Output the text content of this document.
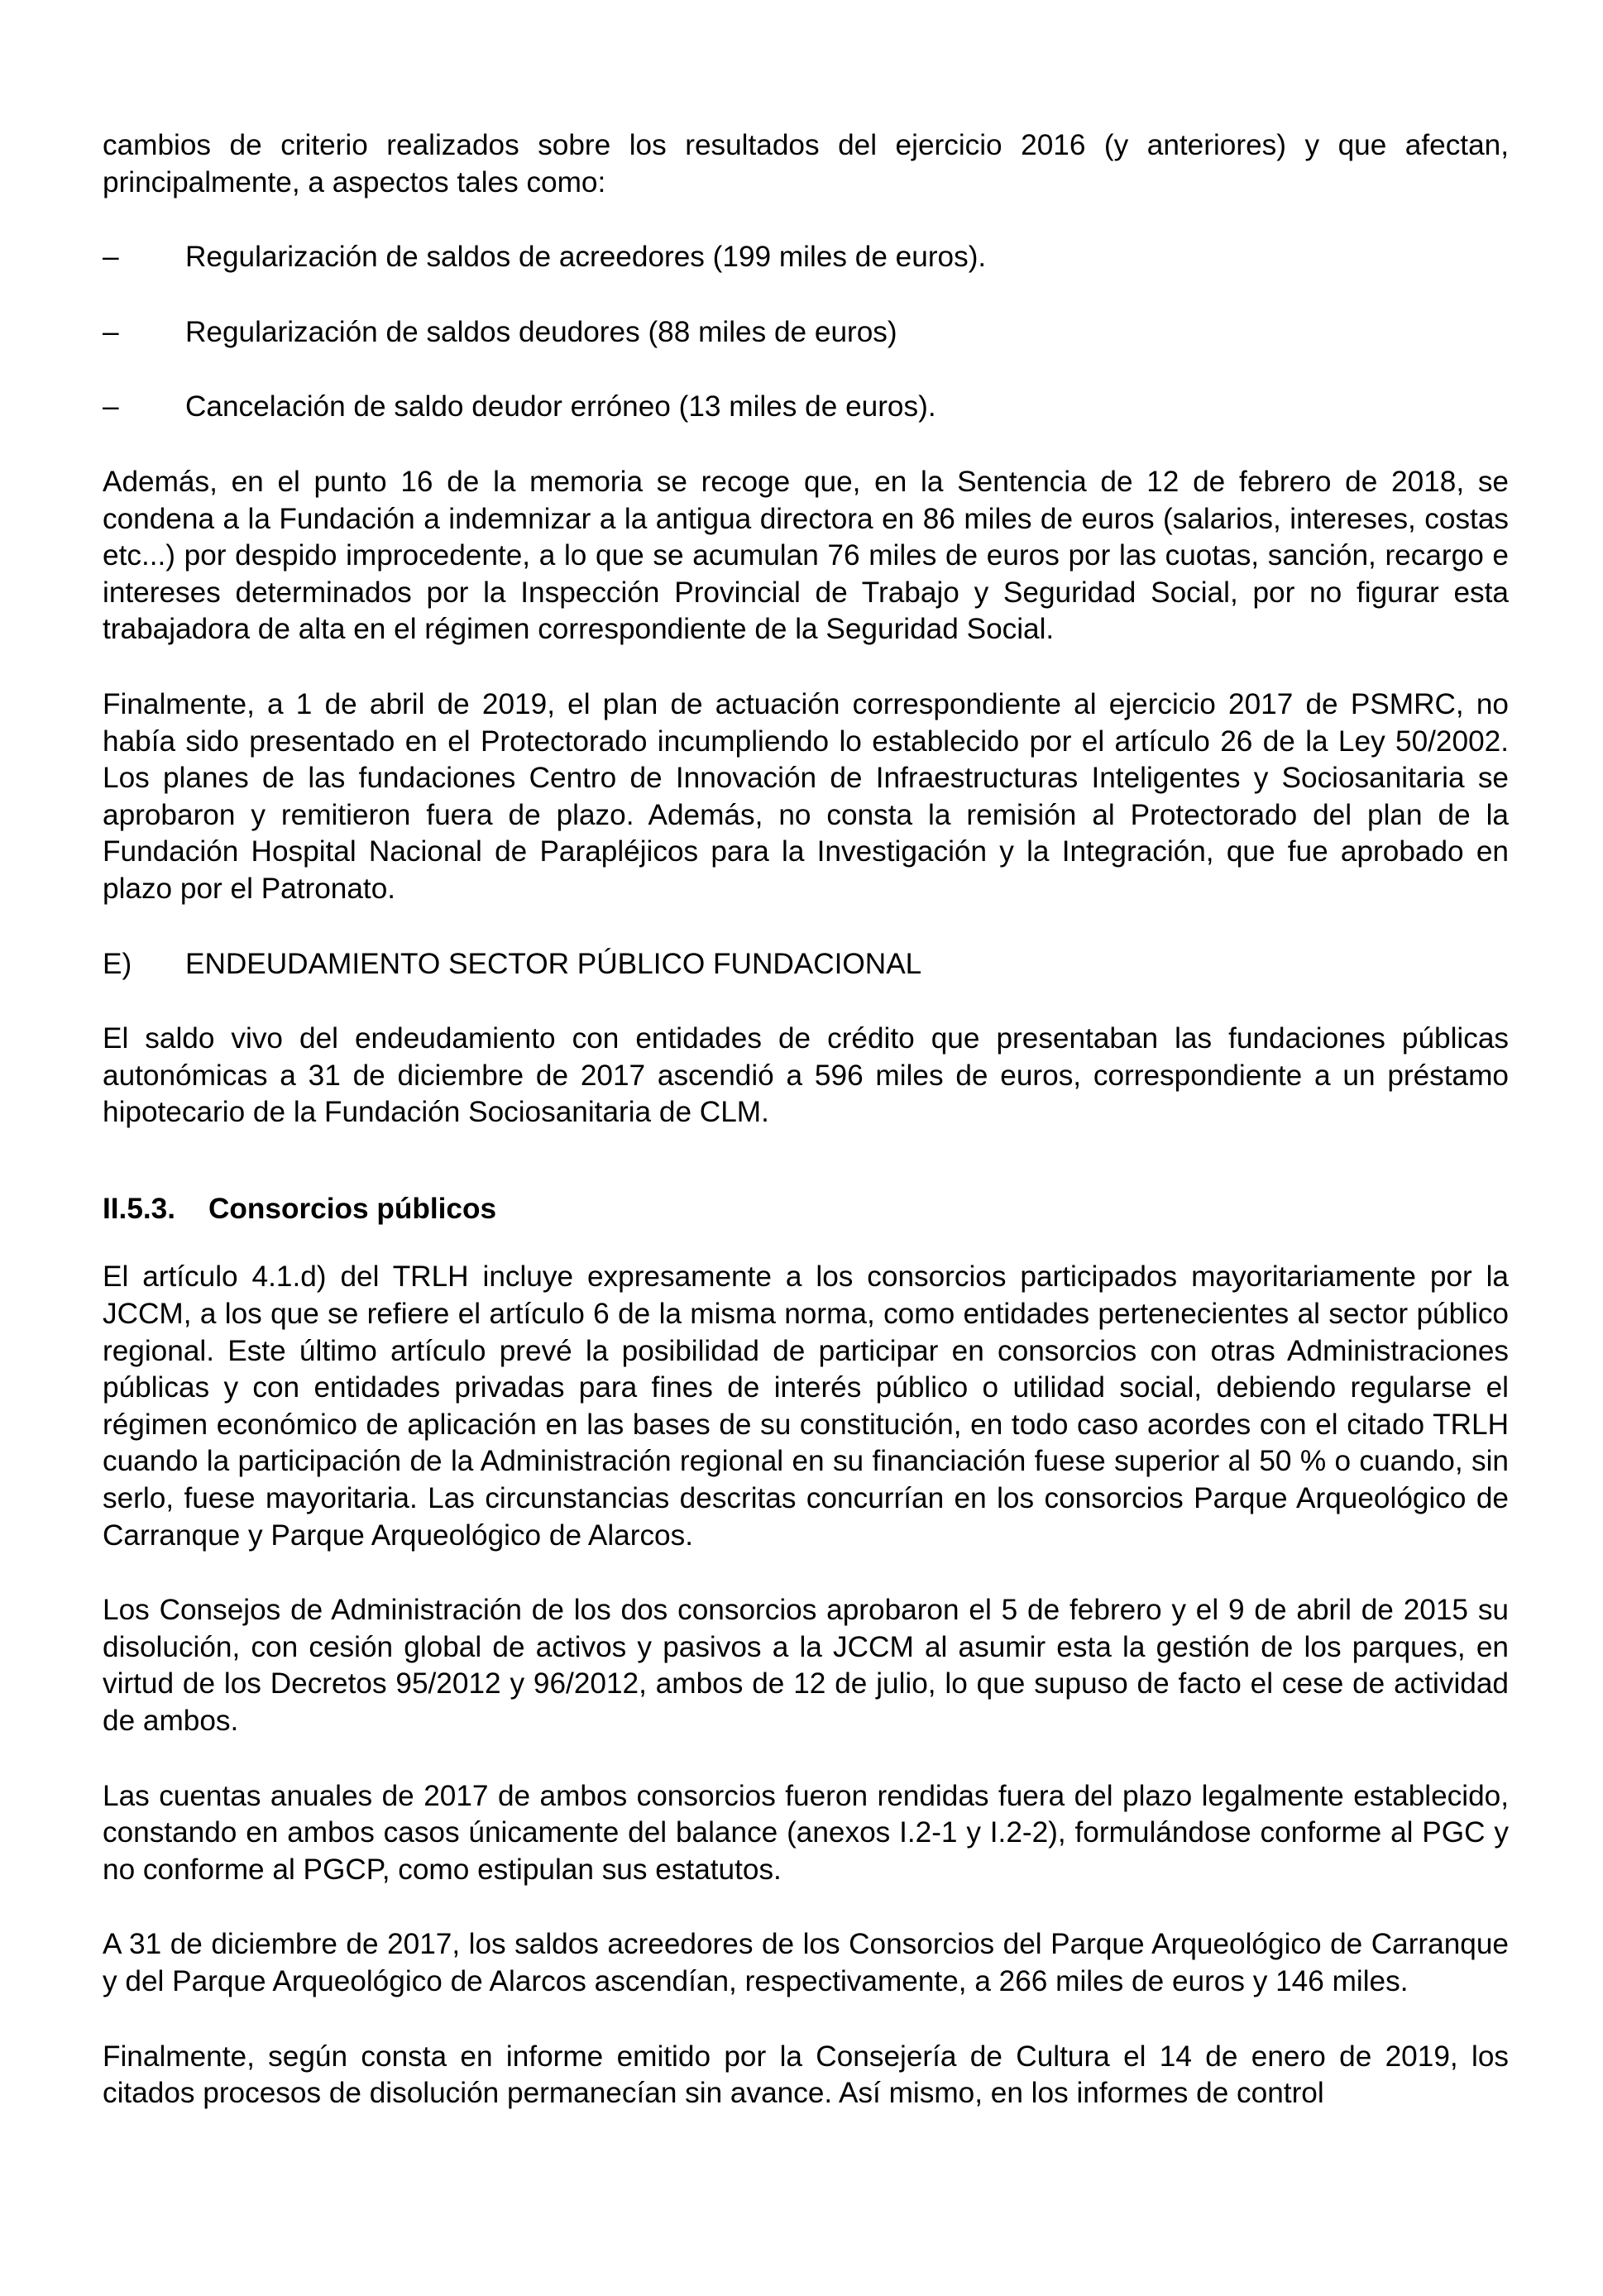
cambios de criterio realizados sobre los resultados del ejercicio 2016 (y anteriores) y que afectan, principalmente, a aspectos tales como:

–	Regularización de saldos de acreedores (199 miles de euros).
–	Regularización de saldos deudores (88 miles de euros)
–	Cancelación de saldo deudor erróneo (13 miles de euros).

Además, en el punto 16 de la memoria se recoge que, en la Sentencia de 12 de febrero de 2018, se condena a la Fundación a indemnizar a la antigua directora en 86 miles de euros (salarios, intereses, costas etc...) por despido improcedente, a lo que se acumulan 76 miles de euros por las cuotas, sanción, recargo e intereses determinados por la Inspección Provincial de Trabajo y Seguridad Social, por no figurar esta trabajadora de alta en el régimen correspondiente de la Seguridad Social.

Finalmente, a 1 de abril de 2019, el plan de actuación correspondiente al ejercicio 2017 de PSMRC, no había sido presentado en el Protectorado incumpliendo lo establecido por el artículo 26 de la Ley 50/2002. Los planes de las fundaciones Centro de Innovación de Infraestructuras Inteligentes y Sociosanitaria se aprobaron y remitieron fuera de plazo. Además, no consta la remisión al Protectorado del plan de la Fundación Hospital Nacional de Parapléjicos para la Investigación y la Integración, que fue aprobado en plazo por el Patronato.

E)	ENDEUDAMIENTO SECTOR PÚBLICO FUNDACIONAL

El saldo vivo del endeudamiento con entidades de crédito que presentaban las fundaciones públicas autonómicas a 31 de diciembre de 2017 ascendió a 596 miles de euros, correspondiente a un préstamo hipotecario de la Fundación Sociosanitaria de CLM.

II.5.3. Consorcios públicos

El artículo 4.1.d) del TRLH incluye expresamente a los consorcios participados mayoritariamente por la JCCM, a los que se refiere el artículo 6 de la misma norma, como entidades pertenecientes al sector público regional. Este último artículo prevé la posibilidad de participar en consorcios con otras Administraciones públicas y con entidades privadas para fines de interés público o utilidad social, debiendo regularse el régimen económico de aplicación en las bases de su constitución, en todo caso acordes con el citado TRLH cuando la participación de la Administración regional en su financiación fuese superior al 50 % o cuando, sin serlo, fuese mayoritaria. Las circunstancias descritas concurrían en los consorcios Parque Arqueológico de Carranque y Parque Arqueológico de Alarcos.

Los Consejos de Administración de los dos consorcios aprobaron el 5 de febrero y el 9 de abril de 2015 su disolución, con cesión global de activos y pasivos a la JCCM al asumir esta la gestión de los parques, en virtud de los Decretos 95/2012 y 96/2012, ambos de 12 de julio, lo que supuso de facto el cese de actividad de ambos.

Las cuentas anuales de 2017 de ambos consorcios fueron rendidas fuera del plazo legalmente establecido, constando en ambos casos únicamente del balance (anexos I.2-1 y I.2-2), formulándose conforme al PGC y no conforme al PGCP, como estipulan sus estatutos.

A 31 de diciembre de 2017, los saldos acreedores de los Consorcios del Parque Arqueológico de Carranque y del Parque Arqueológico de Alarcos ascendían, respectivamente, a 266 miles de euros y 146 miles.

Finalmente, según consta en informe emitido por la Consejería de Cultura el 14 de enero de 2019, los citados procesos de disolución permanecían sin avance. Así mismo, en los informes de control
